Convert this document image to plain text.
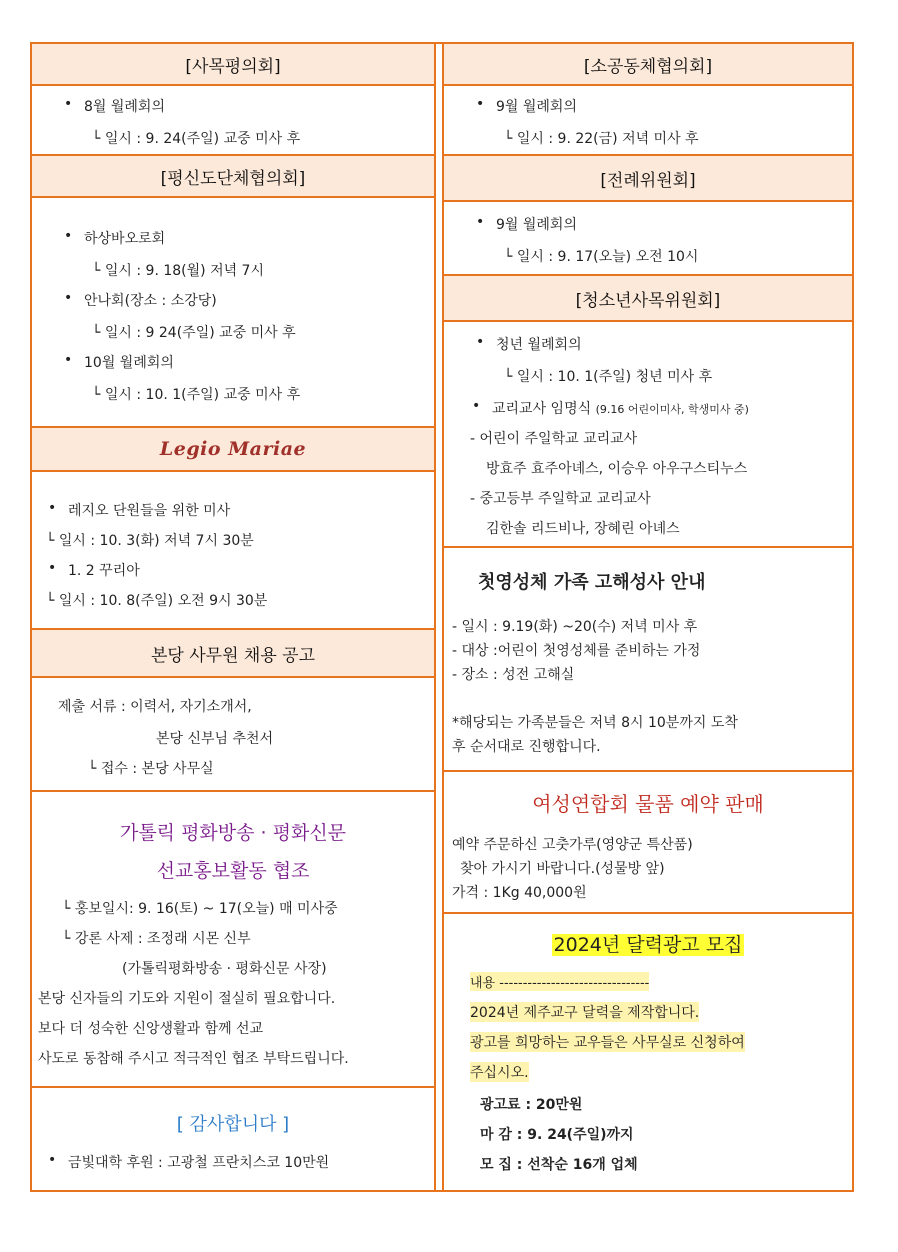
[사목평의회]
• 8월 월례회의
└ 일시 : 9. 24(주일) 교중 미사 후
[평신도단체협의회]
• 하상바오로회
└ 일시 : 9. 18(월) 저녁 7시
• 안나회(장소 : 소강당)
└ 일시 : 9 24(주일) 교중 미사 후
• 10월 월례회의
└ 일시 : 10. 1(주일) 교중 미사 후
Legio Mariae
• 레지오 단원들을 위한 미사
└ 일시 : 10. 3(화) 저녁 7시 30분
• 1. 2 꾸리아
└ 일시 : 10. 8(주일) 오전 9시 30분
본당 사무원 채용 공고
제출 서류 : 이력서, 자기소개서,
본당 신부님 추천서
└ 접수 : 본당 사무실
가톨릭 평화방송 · 평화신문
선교홍보활동 협조
└ 홍보일시: 9. 16(토) ~ 17(오늘) 매 미사중
└ 강론 사제 : 조정래 시몬 신부
(가톨릭평화방송 · 평화신문 사장)
본당 신자들의 기도와 지원이 절실히 필요합니다.
보다 더 성숙한 신앙생활과 함께 선교
사도로 동참해 주시고 적극적인 협조 부탁드립니다.
[ 감사합니다 ]
• 금빛대학 후원 : 고광철 프란치스코 10만원
[소공동체협의회]
• 9월 월례회의
└ 일시 : 9. 22(금) 저녁 미사 후
[전례위원회]
• 9월 월례회의
└ 일시 : 9. 17(오늘) 오전 10시
[청소년사목위원회]
• 청년 월례회의
└ 일시 : 10. 1(주일) 청년 미사 후
• 교리교사 임명식 (9.16 어린이미사, 학생미사 중)
- 어린이 주일학교 교리교사
방효주 효주아녜스, 이승우 아우구스티누스
- 중고등부 주일학교 교리교사
김한솔 리드비나, 장혜린 아녜스
첫영성체 가족 고해성사 안내
- 일시 : 9.19(화) ~20(수) 저녁 미사 후
- 대상 :어린이 첫영성체를 준비하는 가정
- 장소 : 성전 고해실
*해당되는 가족분들은 저녁 8시 10분까지 도착
후 순서대로 진행합니다.
여성연합회 물품 예약 판매
예약 주문하신 고춧가루(영양군 특산품)
찾아 가시기 바랍니다.(성물방 앞)
가격 : 1Kg 40,000원
2024년 달력광고 모집
내용 --------------------------------
2024년 제주교구 달력을 제작합니다.
광고를 희망하는 교우들은 사무실로 신청하여
주십시오.
광고료 : 20만원
마 감 : 9. 24(주일)까지
모 집 : 선착순 16개 업체
